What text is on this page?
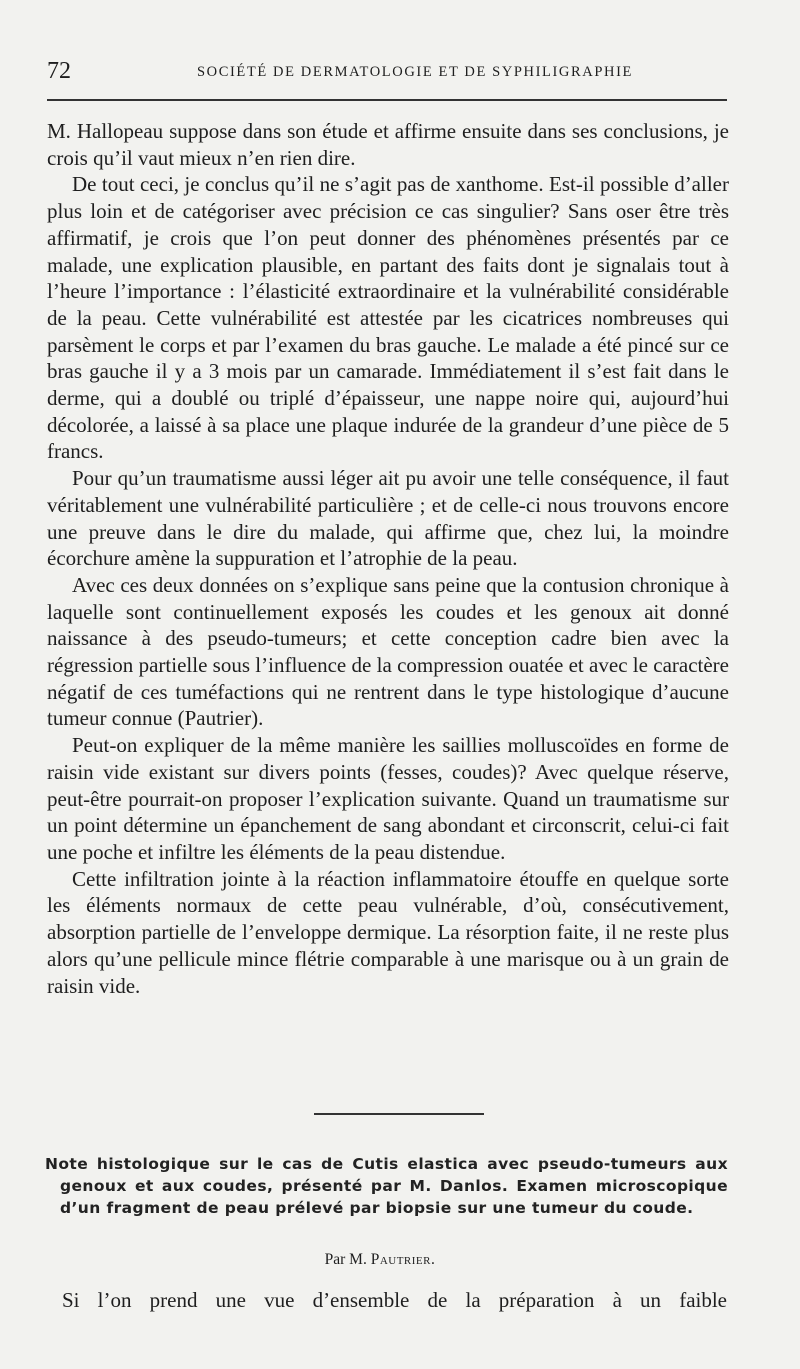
72	SOCIÉTÉ DE DERMATOLOGIE ET DE SYPHILIGRAPHIE

M. Hallopeau suppose dans son étude et affirme ensuite dans ses conclusions, je crois qu’il vaut mieux n’en rien dire.

De tout ceci, je conclus qu’il ne s’agit pas de xanthome. Est-il possible d’aller plus loin et de catégoriser avec précision ce cas singulier? Sans oser être très affirmatif, je crois que l’on peut donner des phénomènes présentés par ce malade, une explication plausible, en partant des faits dont je signalais tout à l’heure l’importance : l’élasticité extraordinaire et la vulnérabilité considérable de la peau. Cette vulnérabilité est attestée par les cicatrices nombreuses qui parsèment le corps et par l’examen du bras gauche. Le malade a été pincé sur ce bras gauche il y a 3 mois par un camarade. Immédiatement il s’est fait dans le derme, qui a doublé ou triplé d’épaisseur, une nappe noire qui, aujourd’hui décolorée, a laissé à sa place une plaque indurée de la grandeur d’une pièce de 5 francs.

Pour qu’un traumatisme aussi léger ait pu avoir une telle conséquence, il faut véritablement une vulnérabilité particulière ; et de celle-ci nous trouvons encore une preuve dans le dire du malade, qui affirme que, chez lui, la moindre écorchure amène la suppuration et l’atrophie de la peau.

Avec ces deux données on s’explique sans peine que la contusion chronique à laquelle sont continuellement exposés les coudes et les genoux ait donné naissance à des pseudo-tumeurs; et cette conception cadre bien avec la régression partielle sous l’influence de la compression ouatée et avec le caractère négatif de ces tuméfactions qui ne rentrent dans le type histologique d’aucune tumeur connue (Pautrier).

Peut-on expliquer de la même manière les saillies molluscoïdes en forme de raisin vide existant sur divers points (fesses, coudes)? Avec quelque réserve, peut-être pourrait-on proposer l’explication suivante. Quand un traumatisme sur un point détermine un épanchement de sang abondant et circonscrit, celui-ci fait une poche et infiltre les éléments de la peau distendue.

Cette infiltration jointe à la réaction inflammatoire étouffe en quelque sorte les éléments normaux de cette peau vulnérable, d’où, consécutivement, absorption partielle de l’enveloppe dermique. La résorption faite, il ne reste plus alors qu’une pellicule mince flétrie comparable à une marisque ou à un grain de raisin vide.

Note histologique sur le cas de Cutis elastica avec pseudo-tumeurs aux genoux et aux coudes, présenté par M. Danlos. Examen microscopique d’un fragment de peau prélevé par biopsie sur une tumeur du coude.
Par M. Pautrier.
Si l’on prend une vue d’ensemble de la préparation à un faible
